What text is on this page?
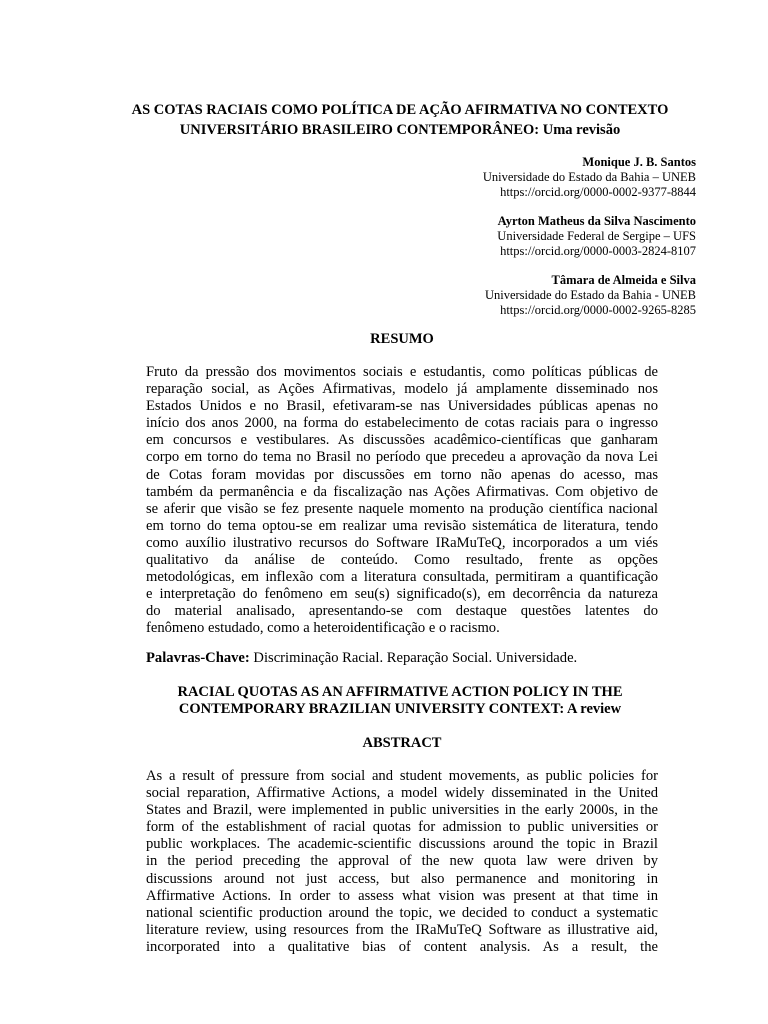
AS COTAS RACIAIS COMO POLÍTICA DE AÇÃO AFIRMATIVA NO CONTEXTO
UNIVERSITÁRIO BRASILEIRO CONTEMPORÂNEO: Uma revisão
Monique J. B. Santos
Universidade do Estado da Bahia – UNEB
https://orcid.org/0000-0002-9377-8844
Ayrton Matheus da Silva Nascimento
Universidade Federal de Sergipe – UFS
https://orcid.org/0000-0003-2824-8107
Tâmara de Almeida e Silva
Universidade do Estado da Bahia - UNEB
https://orcid.org/0000-0002-9265-8285
RESUMO
Fruto da pressão dos movimentos sociais e estudantis, como políticas públicas de
reparação social, as Ações Afirmativas, modelo já amplamente disseminado nos
Estados Unidos e no Brasil, efetivaram-se nas Universidades públicas apenas no
início dos anos 2000, na forma do estabelecimento de cotas raciais para o ingresso
em concursos e vestibulares. As discussões acadêmico-científicas que ganharam
corpo em torno do tema no Brasil no período que precedeu a aprovação da nova Lei
de Cotas foram movidas por discussões em torno não apenas do acesso, mas
também da permanência e da fiscalização nas Ações Afirmativas. Com objetivo de
se aferir que visão se fez presente naquele momento na produção científica nacional
em torno do tema optou-se em realizar uma revisão sistemática de literatura, tendo
como auxílio ilustrativo recursos do Software IRaMuTeQ, incorporados a um viés
qualitativo da análise de conteúdo. Como resultado, frente as opções
metodológicas, em inflexão com a literatura consultada, permitiram a quantificação
e interpretação do fenômeno em seu(s) significado(s), em decorrência da natureza
do material analisado, apresentando-se com destaque questões latentes do
fenômeno estudado, como a heteroidentificação e o racismo.
Palavras-Chave: Discriminação Racial. Reparação Social. Universidade.
RACIAL QUOTAS AS AN AFFIRMATIVE ACTION POLICY IN THE
CONTEMPORARY BRAZILIAN UNIVERSITY CONTEXT: A review
ABSTRACT
As a result of pressure from social and student movements, as public policies for
social reparation, Affirmative Actions, a model widely disseminated in the United
States and Brazil, were implemented in public universities in the early 2000s, in the
form of the establishment of racial quotas for admission to public universities or
public workplaces. The academic-scientific discussions around the topic in Brazil
in the period preceding the approval of the new quota law were driven by
discussions around not just access, but also permanence and monitoring in
Affirmative Actions. In order to assess what vision was present at that time in
national scientific production around the topic, we decided to conduct a systematic
literature review, using resources from the IRaMuTeQ Software as illustrative aid,
incorporated into a qualitative bias of content analysis. As a result, the
